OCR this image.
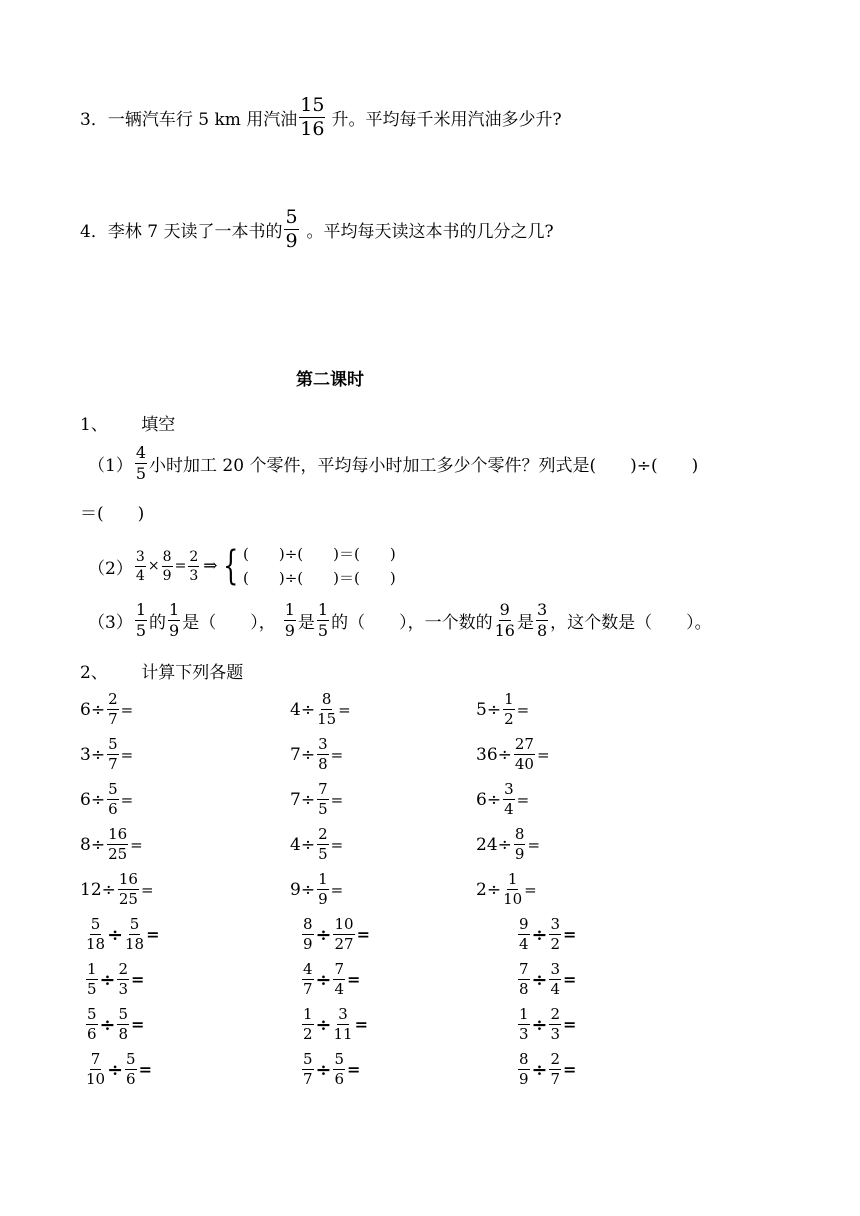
3． 一辆汽车行 5 km 用汽油 $\frac{15}{16}$ 升。平均每千米用汽油多少升?
4． 李林 7 天读了一本书的 $\frac{5}{9}$ 。平均每天读这本书的几分之几?
第二课时
1、 填空
$(1) \frac{4}{5}$ 小时加工 20 个零件，平均每小时加工多少个零件？列式是(　　)÷(　　)
＝(　　)
$(2) \frac{3}{4} \times \frac{8}{9} = \frac{2}{3}$ ⇒ { (　　)÷(　　)＝(　　)
(　　)÷(　　)＝(　　)
$(3) \frac{1}{5}$ 的 $\frac{1}{9}$ 是（　　）， $\frac{1}{9}$ 是 $\frac{1}{5}$ 的（　　），一个数的 $\frac{9}{16}$ 是 $\frac{3}{8}$ ，这个数是（　　）。
2、 计算下列各题
$6 \div \frac{2}{7}$ =	$4 \div \frac{8}{15}$ =	$5 \div \frac{1}{2}$ =
$3 \div \frac{5}{7}$ =	$7 \div \frac{3}{8}$ =	$36 \div \frac{27}{40}$ =
$6 \div \frac{5}{6}$ =	$7 \div \frac{7}{5}$ =	$6 \div \frac{3}{4}$ =
$8 \div \frac{16}{25}$ =	$4 \div \frac{2}{5}$ =	$24 \div \frac{8}{9}$ =
$12 \div \frac{16}{25}$ =	$9 \div \frac{1}{9}$ =	$2 \div \frac{1}{10}$ =
$\frac{5}{18} \div \frac{5}{18}$ =	$\frac{8}{9} \div \frac{10}{27}$ =	$\frac{9}{4} \div \frac{3}{2}$ =
$\frac{1}{5} \div \frac{2}{3}$ =	$\frac{4}{7} \div \frac{7}{4}$ =	$\frac{7}{8} \div \frac{3}{4}$ =
$\frac{5}{6} \div \frac{5}{8}$ =	$\frac{1}{2} \div \frac{3}{11}$ =	$\frac{1}{3} \div \frac{2}{3}$ =
$\frac{7}{10} \div \frac{5}{6}$ =	$\frac{5}{7} \div \frac{5}{6}$ =	$\frac{8}{9} \div \frac{2}{7}$ =
